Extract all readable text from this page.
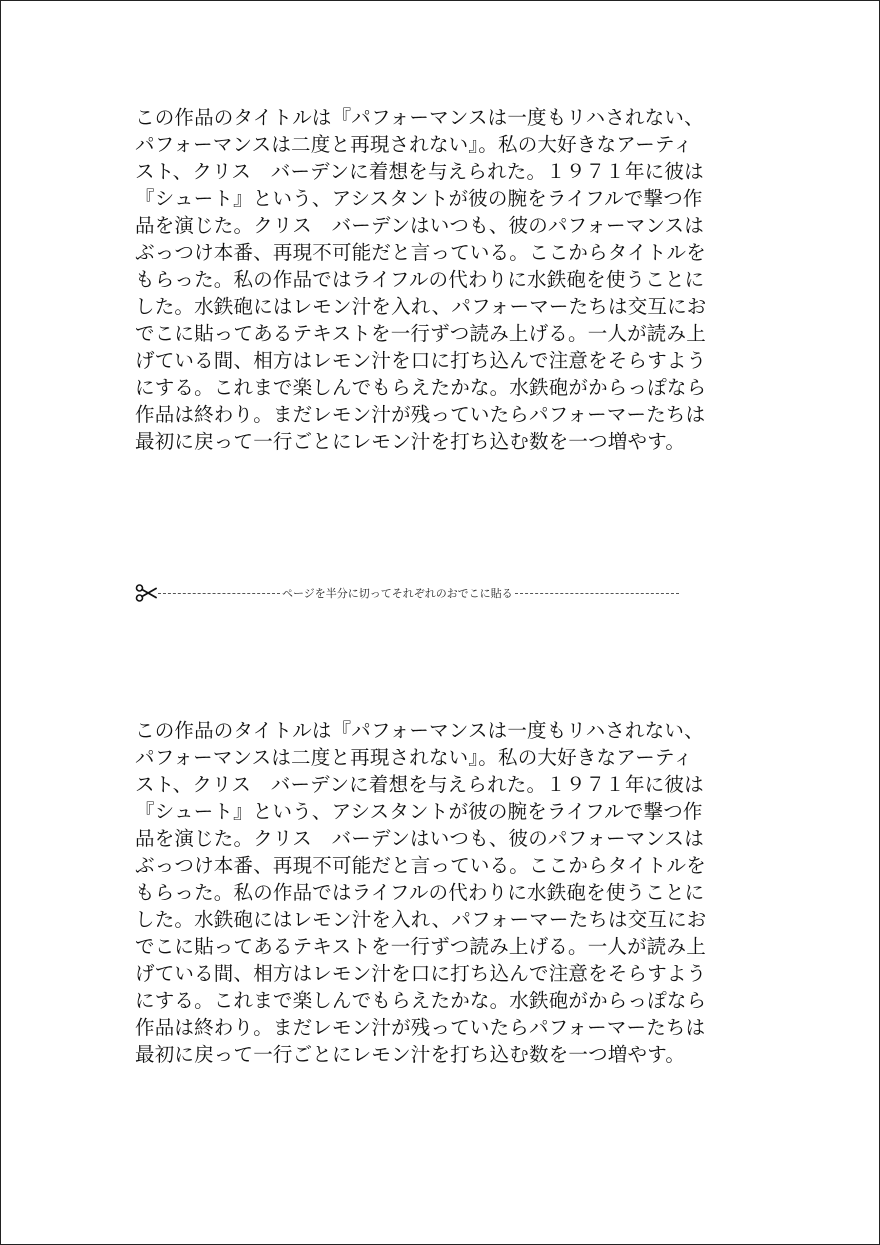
この作品のタイトルは『パフォーマンスは一度もリハされない、
パフォーマンスは二度と再現されない』。私の大好きなアーティ
スト、クリス　バーデンに着想を与えられた。１９７１年に彼は
『シュート』という、アシスタントが彼の腕をライフルで撃つ作
品を演じた。クリス　バーデンはいつも、彼のパフォーマンスは
ぶっつけ本番、再現不可能だと言っている。ここからタイトルを
もらった。私の作品ではライフルの代わりに水鉄砲を使うことに
した。水鉄砲にはレモン汁を入れ、パフォーマーたちは交互にお
でこに貼ってあるテキストを一行ずつ読み上げる。一人が読み上
げている間、相方はレモン汁を口に打ち込んで注意をそらすよう
にする。これまで楽しんでもらえたかな。水鉄砲がからっぽなら
作品は終わり。まだレモン汁が残っていたらパフォーマーたちは
最初に戻って一行ごとにレモン汁を打ち込む数を一つ増やす。
ページを半分に切ってそれぞれのおでこに貼る
この作品のタイトルは『パフォーマンスは一度もリハされない、
パフォーマンスは二度と再現されない』。私の大好きなアーティ
スト、クリス　バーデンに着想を与えられた。１９７１年に彼は
『シュート』という、アシスタントが彼の腕をライフルで撃つ作
品を演じた。クリス　バーデンはいつも、彼のパフォーマンスは
ぶっつけ本番、再現不可能だと言っている。ここからタイトルを
もらった。私の作品ではライフルの代わりに水鉄砲を使うことに
した。水鉄砲にはレモン汁を入れ、パフォーマーたちは交互にお
でこに貼ってあるテキストを一行ずつ読み上げる。一人が読み上
げている間、相方はレモン汁を口に打ち込んで注意をそらすよう
にする。これまで楽しんでもらえたかな。水鉄砲がからっぽなら
作品は終わり。まだレモン汁が残っていたらパフォーマーたちは
最初に戻って一行ごとにレモン汁を打ち込む数を一つ増やす。
